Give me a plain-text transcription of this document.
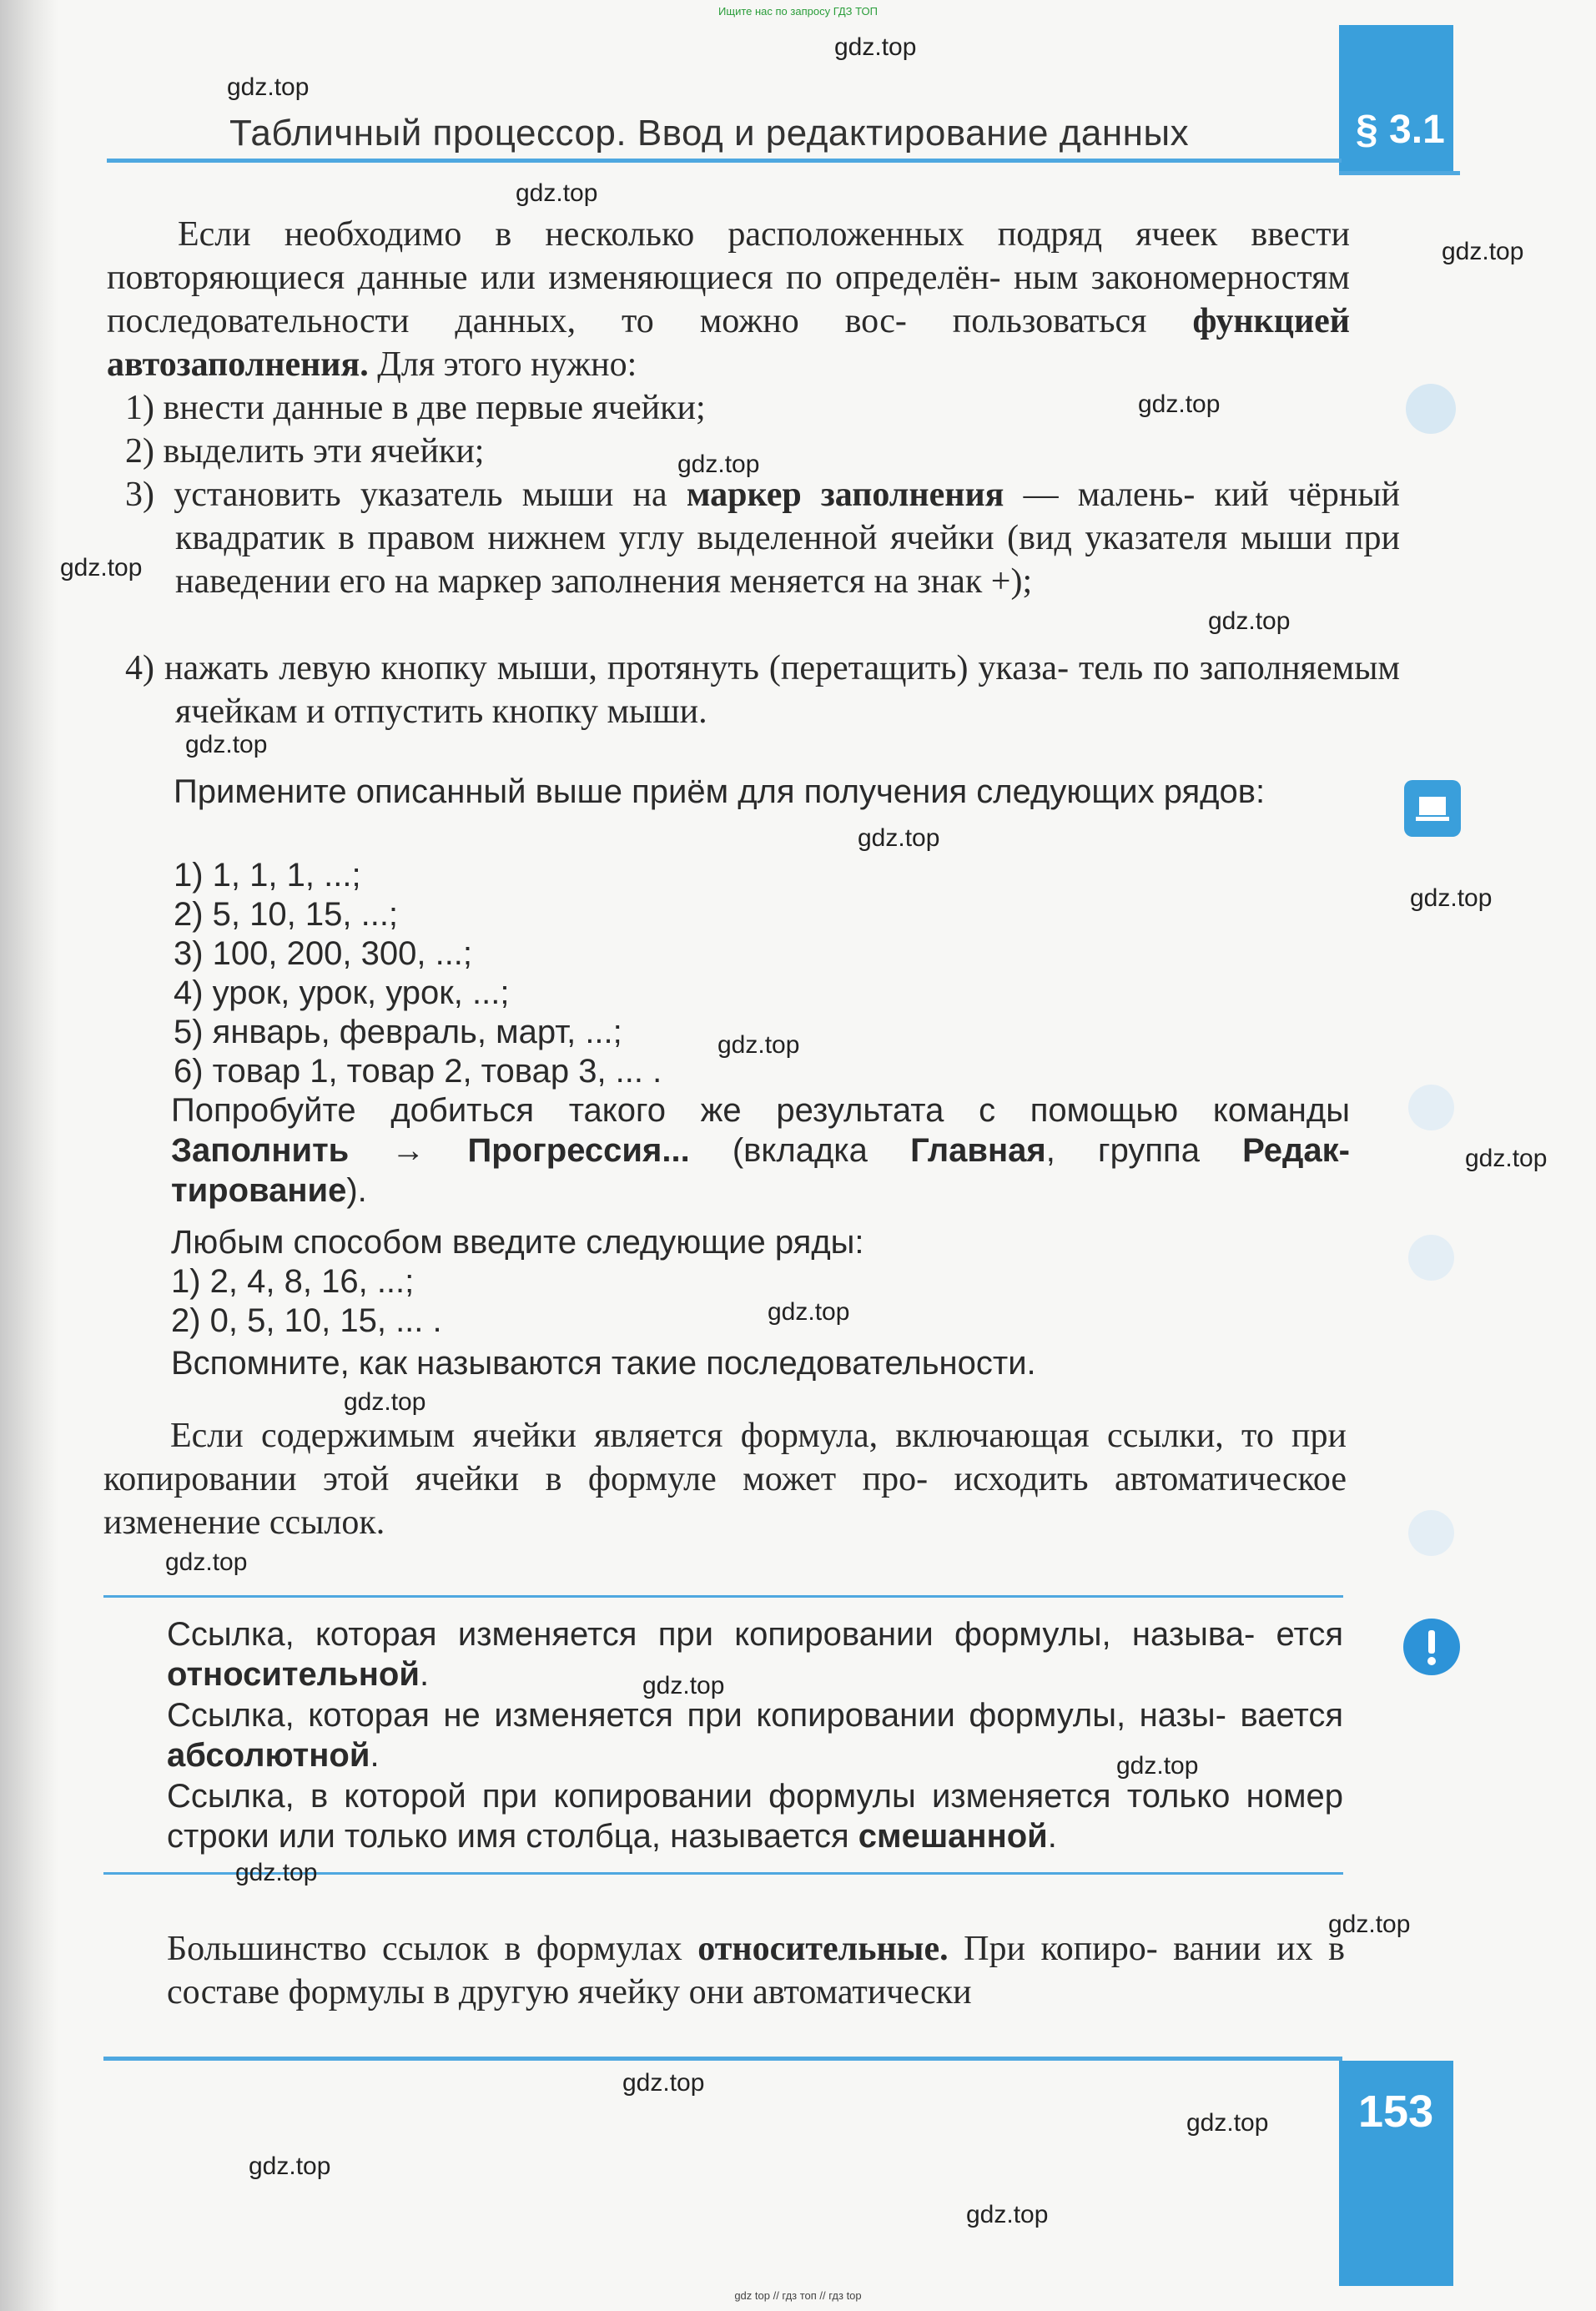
Ищите нас по запросу ГДЗ ТОП
Табличный процессор. Ввод и редактирование данных	§ 3.1
Если необходимо в несколько расположенных подряд ячеек ввести повторяющиеся данные или изменяющиеся по определён- ным закономерностям последовательности данных, то можно вос- пользоваться функцией автозаполнения. Для этого нужно:
1) внести данные в две первые ячейки;
2) выделить эти ячейки;
3) установить указатель мыши на маркер заполнения — малень- кий чёрный квадратик в правом нижнем углу выделенной ячейки (вид указателя мыши при наведении его на маркер заполнения меняется на знак +);
4) нажать левую кнопку мыши, протянуть (перетащить) указа- тель по заполняемым ячейкам и отпустить кнопку мыши.
Примените описанный выше приём для получения следующих рядов:
1) 1, 1, 1, ...;
2) 5, 10, 15, ...;
3) 100, 200, 300, ...;
4) урок, урок, урок, ...;
5) январь, февраль, март, ...;
6) товар 1, товар 2, товар 3, ... .
Попробуйте добиться такого же результата с помощью команды Заполнить → Прогрессия... (вкладка Главная, группа Редак- тирование).
Любым способом введите следующие ряды:
1) 2, 4, 8, 16, ...;
2) 0, 5, 10, 15, ... .
Вспомните, как называются такие последовательности.
Если содержимым ячейки является формула, включающая ссылки, то при копировании этой ячейки в формуле может про- исходить автоматическое изменение ссылок.
Ссылка, которая изменяется при копировании формулы, называ- ется относительной.
Ссылка, которая не изменяется при копировании формулы, назы- вается абсолютной.
Ссылка, в которой при копировании формулы изменяется только номер строки или только имя столбца, называется смешанной.
Большинство ссылок в формулах относительные. При копиро- вании их в составе формулы в другую ячейку они автоматически
153
gdz top // гдз топ // гдз top
gdz.top
gdz.top
gdz.top
gdz.top
gdz.top
gdz.top
gdz.top
gdz.top
gdz.top
gdz.top
gdz.top
gdz.top
gdz.top
gdz.top
gdz.top
gdz.top
gdz.top
gdz.top
gdz.top
gdz.top
gdz.top
gdz.top
gdz.top
gdz.top
